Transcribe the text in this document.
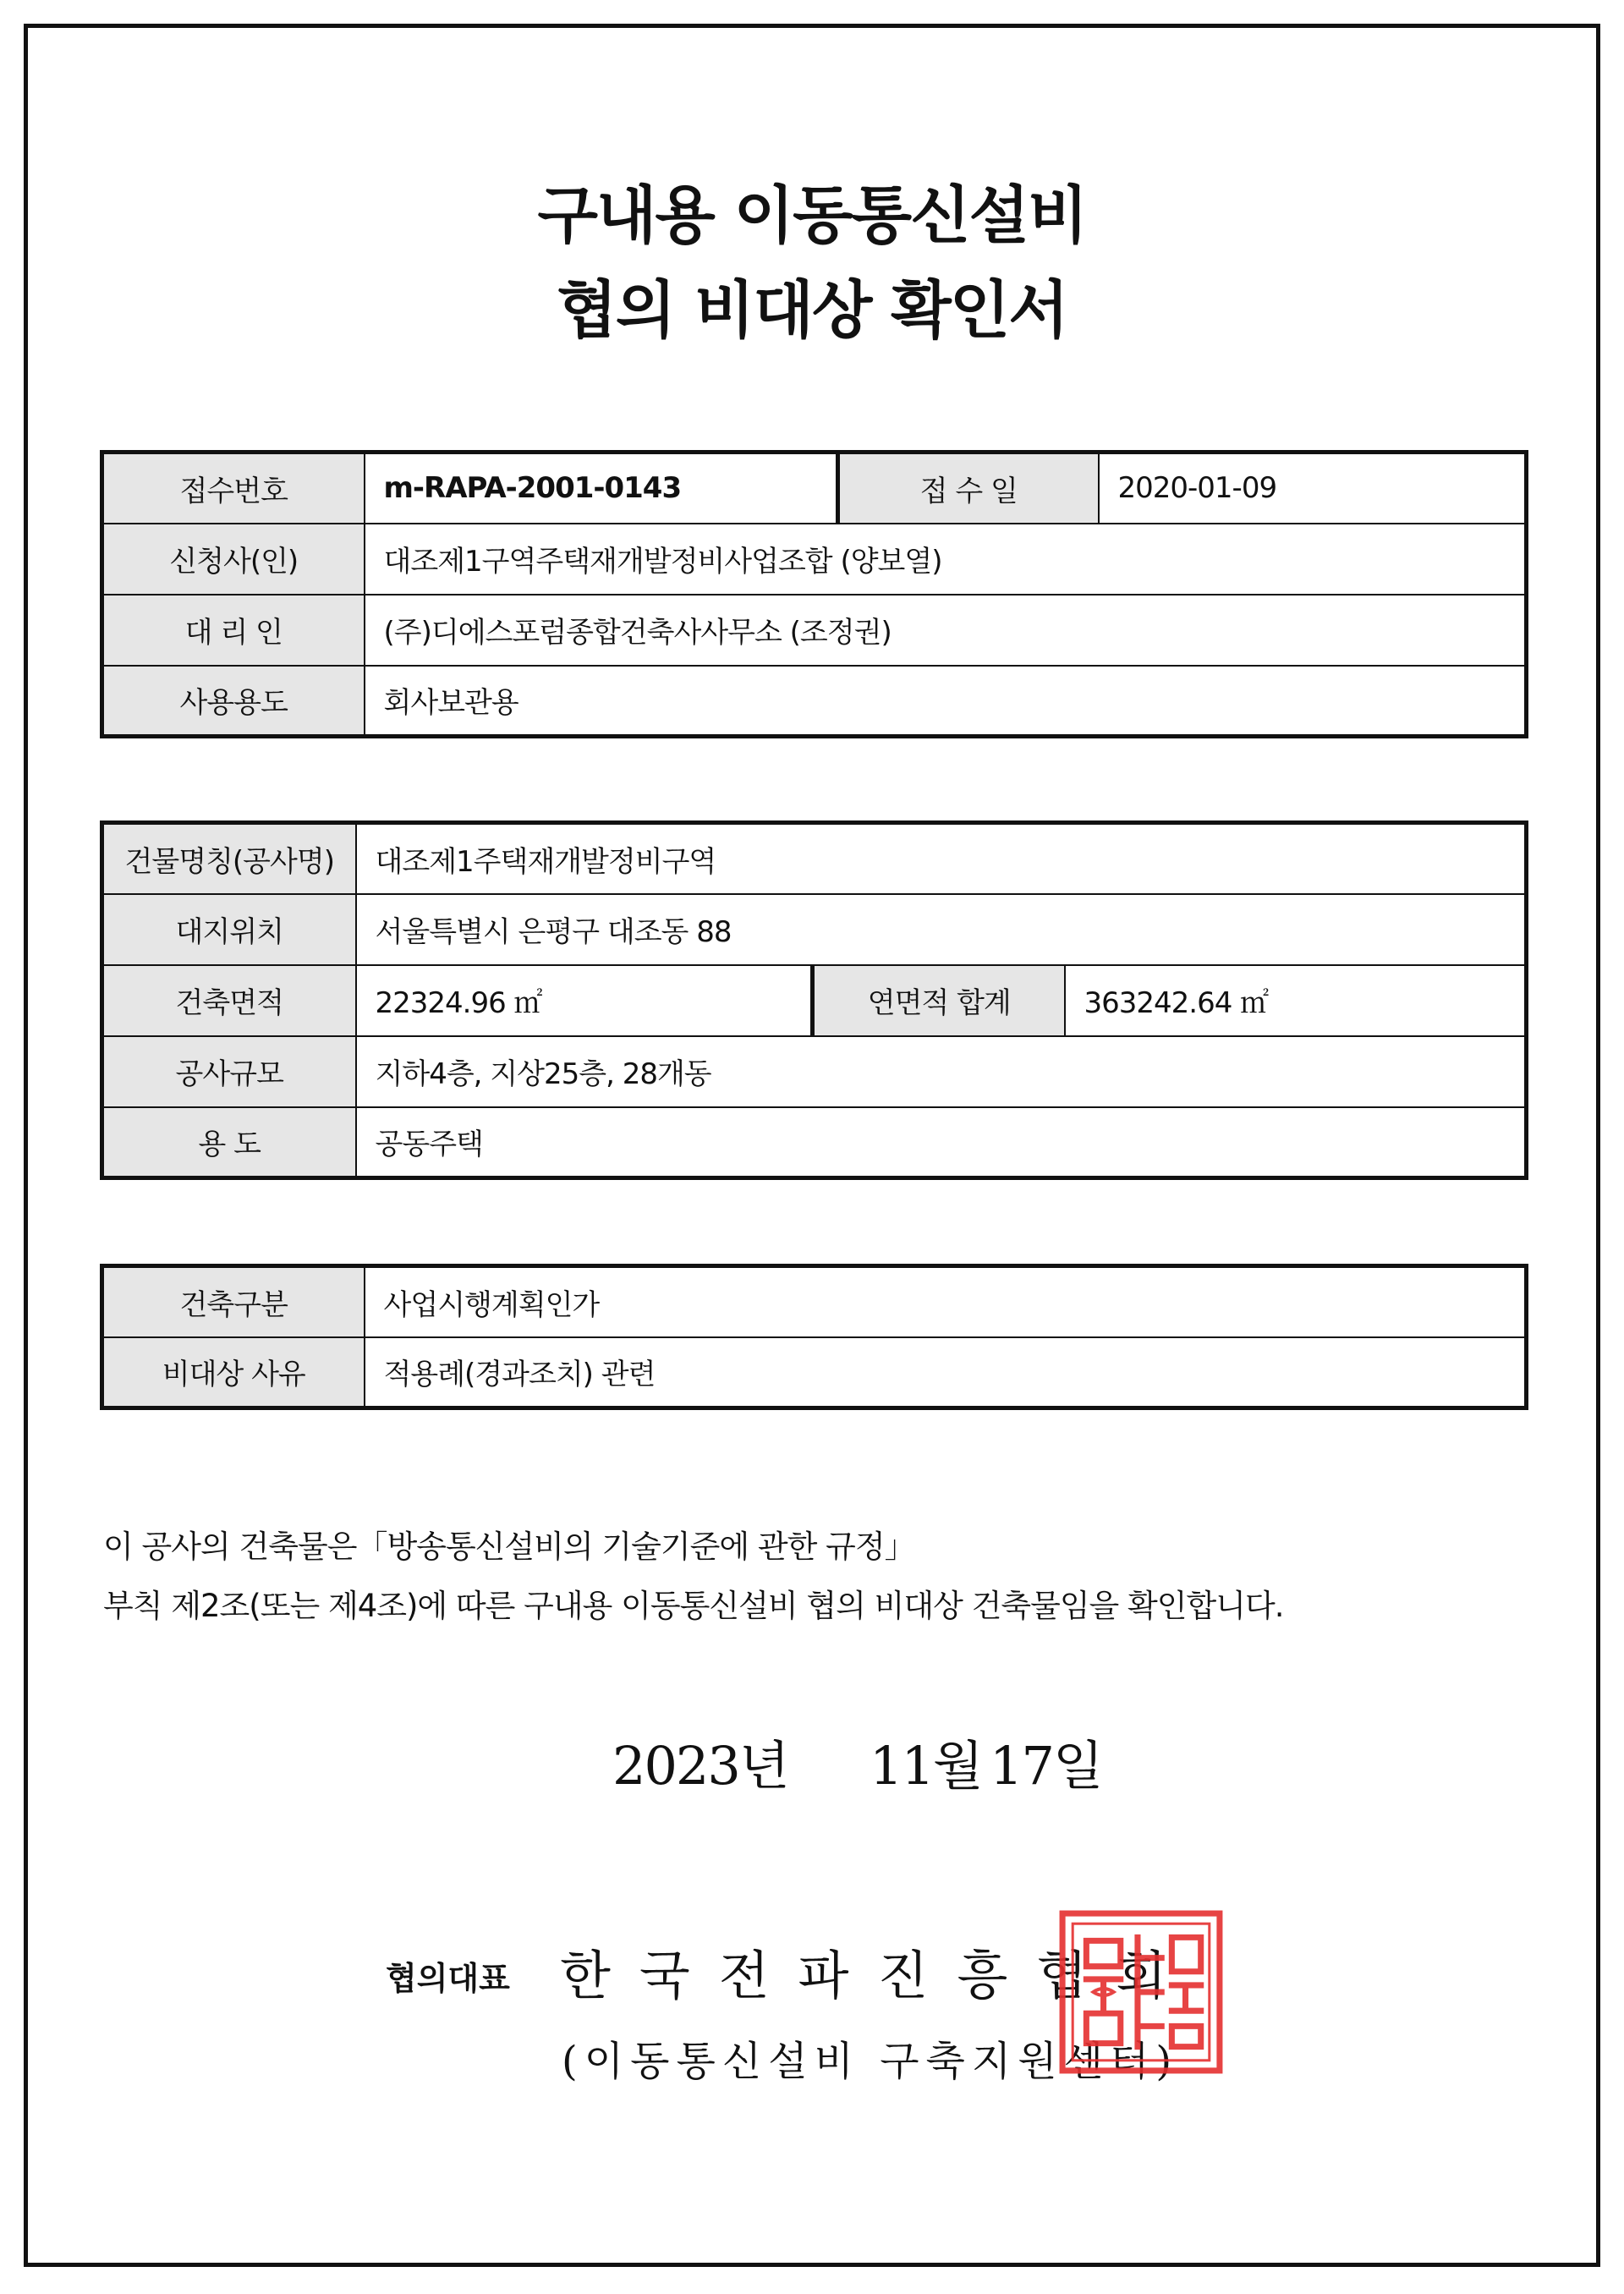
구내용 이동통신설비
협의 비대상 확인서
접수번호	m-RAPA-2001-0143	접 수 일	2020-01-09
신청사(인)	대조제1구역주택재개발정비사업조합 (양보열)		
대 리 인	(주)디에스포럼종합건축사사무소 (조정권)		
사용용도	회사보관용		
건물명칭(공사명)	대조제1주택재개발정비구역		
대지위치	서울특별시 은평구 대조동 88		
건축면적	22324.96 ㎡	연면적 합계	363242.64 ㎡
공사규모	지하4층, 지상25층, 28개동		
용 도	공동주택		
건축구분	사업시행계획인가
비대상 사유	적용례(경과조치) 관련
이 공사의 건축물은「방송통신설비의 기술기준에 관한 규정」
부칙 제2조(또는 제4조)에 따른 구내용 이동통신설비 협의 비대상 건축물임을 확인합니다.
2023년 11월 17일
협의대표 한국전파진흥협회
(이동통신설비 구축지원센터)
